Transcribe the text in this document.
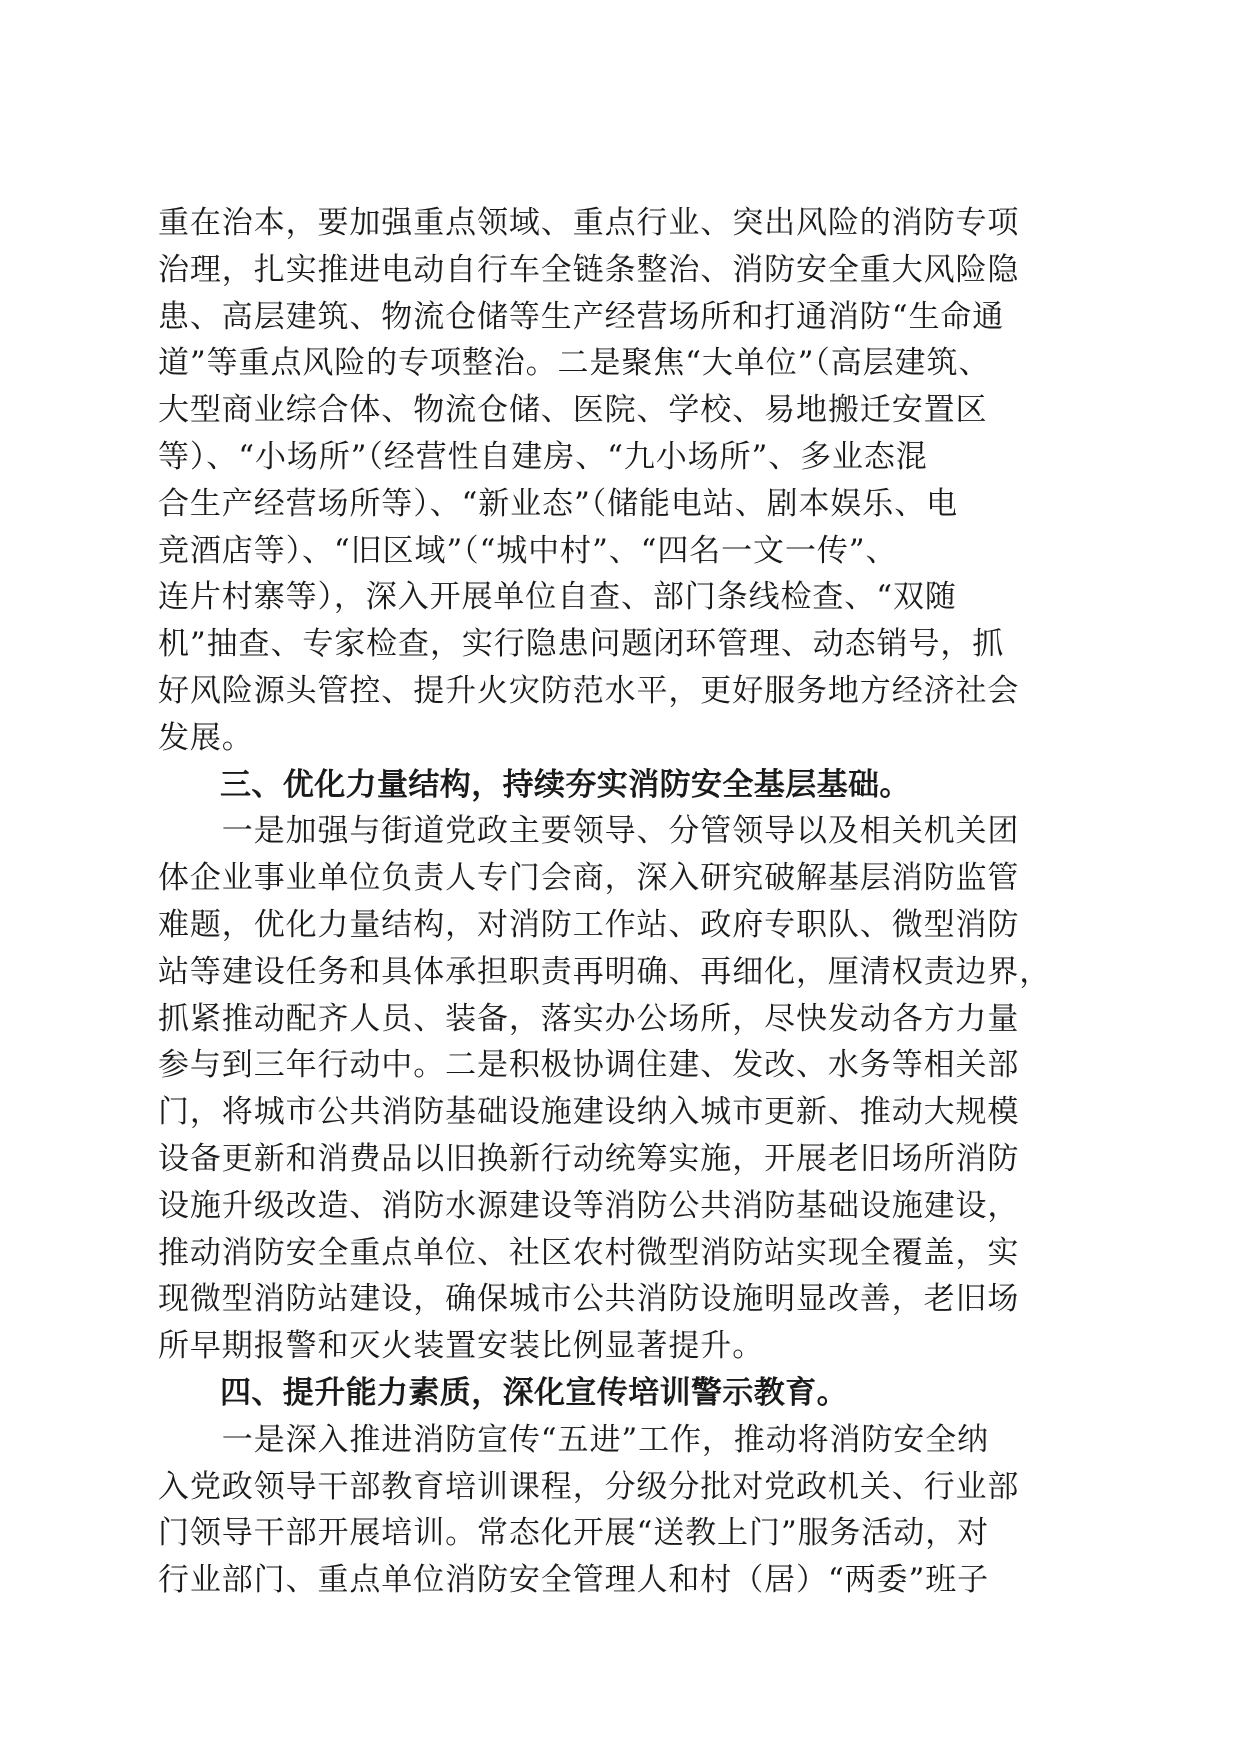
重在治本，要加强重点领域、重点行业、突出风险的消防专项
治理，扎实推进电动自行车全链条整治、消防安全重大风险隐
患、高层建筑、物流仓储等生产经营场所和打通消防“生命通
道”等重点风险的专项整治。二是聚焦“大单位”（高层建筑、
大型商业综合体、物流仓储、医院、学校、易地搬迁安置区
等）、“小场所”（经营性自建房、“九小场所”、多业态混
合生产经营场所等）、“新业态”（储能电站、剧本娱乐、电
竞酒店等）、“旧区域”（“城中村”、“四名一文一传”、
连片村寨等），深入开展单位自查、部门条线检查、“双随
机”抽查、专家检查，实行隐患问题闭环管理、动态销号，抓
好风险源头管控、提升火灾防范水平，更好服务地方经济社会
发展。
三、优化力量结构，持续夯实消防安全基层基础。
　　一是加强与街道党政主要领导、分管领导以及相关机关团
体企业事业单位负责人专门会商，深入研究破解基层消防监管
难题，优化力量结构，对消防工作站、政府专职队、微型消防
站等建设任务和具体承担职责再明确、再细化，厘清权责边界，
抓紧推动配齐人员、装备，落实办公场所，尽快发动各方力量
参与到三年行动中。二是积极协调住建、发改、水务等相关部
门，将城市公共消防基础设施建设纳入城市更新、推动大规模
设备更新和消费品以旧换新行动统筹实施，开展老旧场所消防
设施升级改造、消防水源建设等消防公共消防基础设施建设，
推动消防安全重点单位、社区农村微型消防站实现全覆盖，实
现微型消防站建设，确保城市公共消防设施明显改善，老旧场
所早期报警和灭火装置安装比例显著提升。
四、提升能力素质，深化宣传培训警示教育。
　　一是深入推进消防宣传“五进”工作，推动将消防安全纳
入党政领导干部教育培训课程，分级分批对党政机关、行业部
门领导干部开展培训。常态化开展“送教上门”服务活动，对
行业部门、重点单位消防安全管理人和村（居）“两委”班子
